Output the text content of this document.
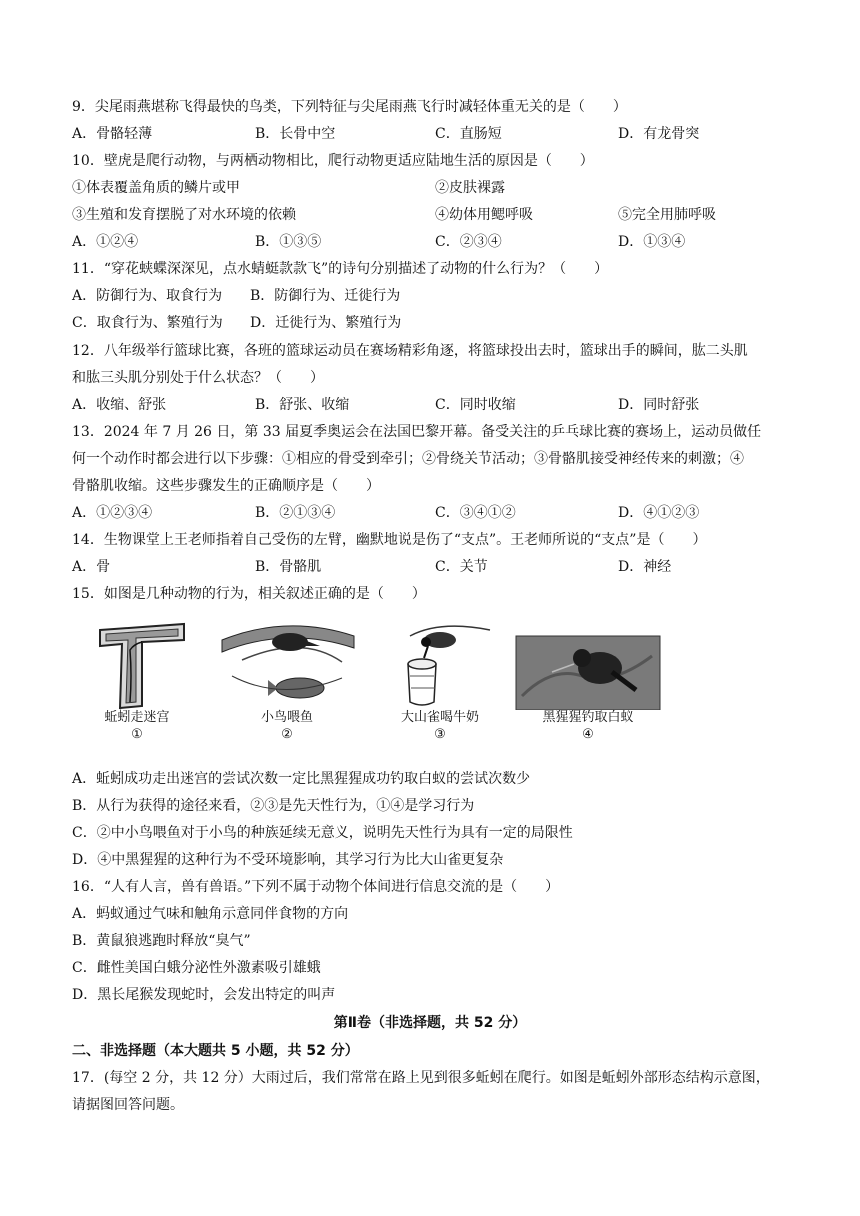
9．尖尾雨燕堪称飞得最快的鸟类，下列特征与尖尾雨燕飞行时减轻体重无关的是（　　）
A．骨骼轻薄	B．长骨中空	C．直肠短	D．有龙骨突
10．壁虎是爬行动物，与两栖动物相比，爬行动物更适应陆地生活的原因是（　　）
①体表覆盖角质的鳞片或甲	②皮肤裸露
③生殖和发育摆脱了对水环境的依赖	④幼体用鳃呼吸	⑤完全用肺呼吸
A．①②④	B．①③⑤	C．②③④	D．①③④
11．“穿花蛱蝶深深见，点水蜻蜓款款飞”的诗句分别描述了动物的什么行为？（　　）
A．防御行为、取食行为 B．防御行为、迁徙行为
C．取食行为、繁殖行为 D．迁徙行为、繁殖行为
12．八年级举行篮球比赛，各班的篮球运动员在赛场精彩角逐，将篮球投出去时，篮球出手的瞬间，肱二头肌
和肱三头肌分别处于什么状态？（　　）
A．收缩、舒张	B．舒张、收缩	C．同时收缩	D．同时舒张
13．2024 年 7 月 26 日，第 33 届夏季奥运会在法国巴黎开幕。备受关注的乒乓球比赛的赛场上，运动员做任
何一个动作时都会进行以下步骤：①相应的骨受到牵引；②骨绕关节活动；③骨骼肌接受神经传来的刺激；④
骨骼肌收缩。这些步骤发生的正确顺序是（　　）
A．①②③④	B．②①③④	C．③④①②	D．④①②③
14．生物课堂上王老师指着自己受伤的左臂，幽默地说是伤了“支点”。王老师所说的“支点”是（　　）
A．骨	B．骨骼肌	C．关节	D．神经
15．如图是几种动物的行为，相关叙述正确的是（　　）
蚯蚓走迷宫
①
小鸟喂鱼
②
大山雀喝牛奶
③
黑猩猩钓取白蚁
④
A．蚯蚓成功走出迷宫的尝试次数一定比黑猩猩成功钓取白蚁的尝试次数少
B．从行为获得的途径来看，②③是先天性行为，①④是学习行为
C．②中小鸟喂鱼对于小鸟的种族延续无意义，说明先天性行为具有一定的局限性
D．④中黑猩猩的这种行为不受环境影响，其学习行为比大山雀更复杂
16．“人有人言，兽有兽语。”下列不属于动物个体间进行信息交流的是（　　）
A．蚂蚁通过气味和触角示意同伴食物的方向
B．黄鼠狼逃跑时释放“臭气”
C．雌性美国白蛾分泌性外激素吸引雄蛾
D．黑长尾猴发现蛇时，会发出特定的叫声
第Ⅱ卷（非选择题，共 52 分）
二、非选择题（本大题共 5 小题，共 52 分）
17．(每空 2 分，共 12 分）大雨过后，我们常常在路上见到很多蚯蚓在爬行。如图是蚯蚓外部形态结构示意图，
请据图回答问题。
